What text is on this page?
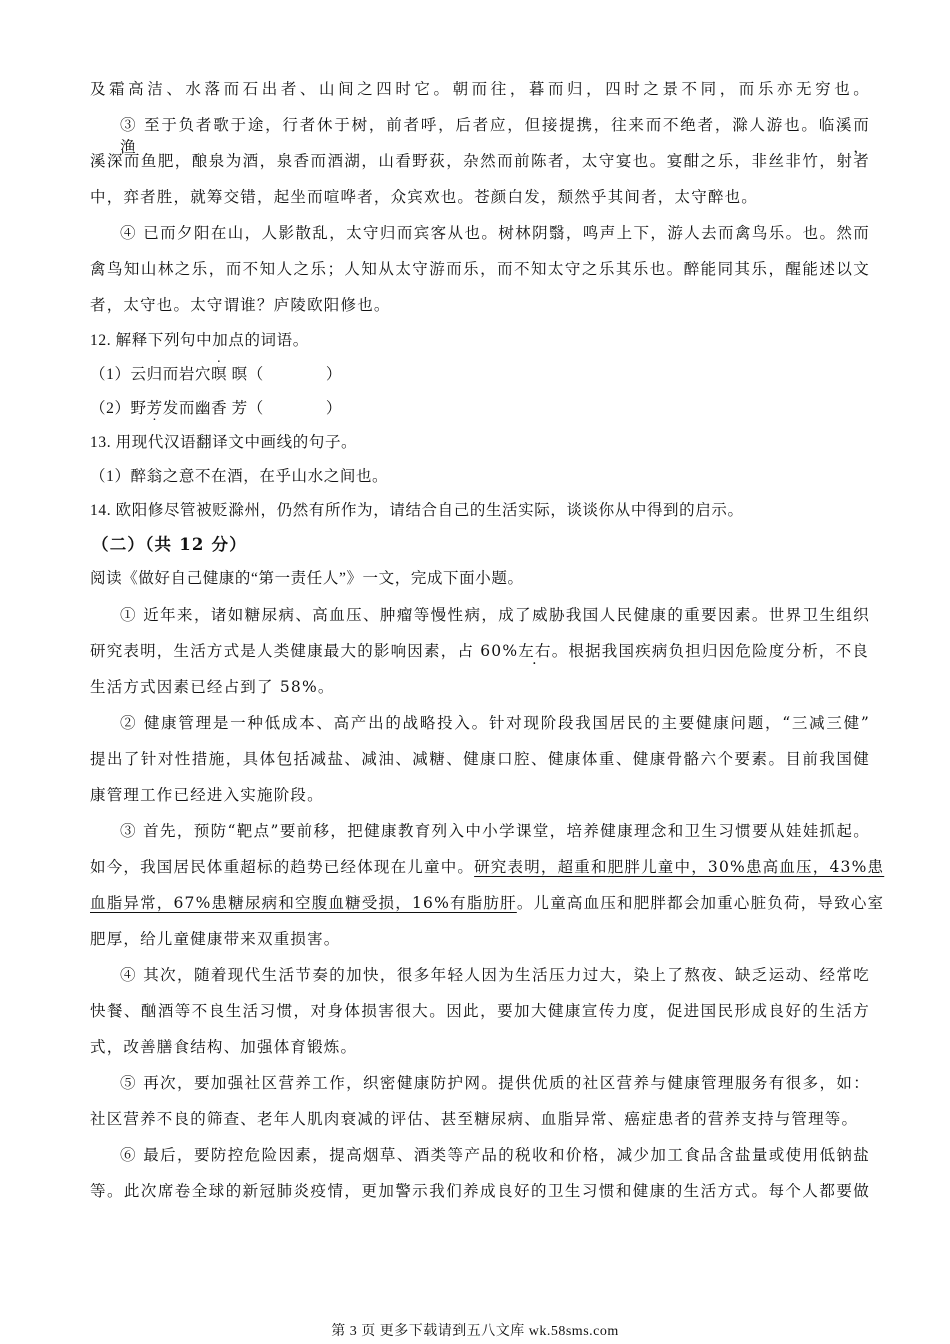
及霜高洁、水落而石出者、山间之四时它。朝而往，暮而归，四时之景不同，而乐亦无穷也。
③ 至于负者歌于途，行者休于树，前者呼，后者应，但接提携，往来而不绝者，滁人游也。临溪而渔，
溪深而鱼肥，酿泉为酒，泉香而酒湖，山看野荻，杂然而前陈者，太守宴也。宴酣之乐，非丝非竹，射者
中，弈者胜，就筹交错，起坐而喧哗者，众宾欢也。苍颜白发，颓然乎其间者，太守醉也。
④ 已而夕阳在山，人影散乱，太守归而宾客从也。树林阴翳，鸣声上下，游人去而禽鸟乐。也。然而
禽鸟知山林之乐，而不知人之乐；人知从太守游而乐，而不知太守之乐其乐也。醉能同其乐，醒能述以文
者，太守也。太守谓谁？庐陵欧阳修也。
12. 解释下列句中加点的词语。
（1）云归而岩穴暝 暝（	）
（2）野芳发而幽香 芳（	）
13. 用现代汉语翻译文中画线的句子。
（1）醉翁之意不在酒，在乎山水之间也。
14. 欧阳修尽管被贬滁州，仍然有所作为，请结合自己的生活实际，谈谈你从中得到的启示。
（二）（共 12 分）
阅读《做好自己健康的“第一责任人”》一文，完成下面小题。
① 近年来，诸如糖尿病、高血压、肿瘤等慢性病，成了威胁我国人民健康的重要因素。世界卫生组织
研究表明，生活方式是人类健康最大的影响因素，占 60%左右。根据我国疾病负担归因危险度分析，不良
生活方式因素已经占到了 58%。
② 健康管理是一种低成本、高产出的战略投入。针对现阶段我国居民的主要健康问题，“三减三健”
提出了针对性措施，具体包括减盐、减油、减糖、健康口腔、健康体重、健康骨骼六个要素。目前我国健
康管理工作已经进入实施阶段。
③ 首先，预防“靶点”要前移，把健康教育列入中小学课堂，培养健康理念和卫生习惯要从娃娃抓起。
如今，我国居民体重超标的趋势已经体现在儿童中。研究表明，超重和肥胖儿童中，30%患高血压，43%患
血脂异常，67%患糖尿病和空腹血糖受损，16%有脂肪肝。儿童高血压和肥胖都会加重心脏负荷，导致心室
肥厚，给儿童健康带来双重损害。
④ 其次，随着现代生活节奏的加快，很多年轻人因为生活压力过大，染上了熬夜、缺乏运动、经常吃
快餐、酗酒等不良生活习惯，对身体损害很大。因此，要加大健康宣传力度，促进国民形成良好的生活方
式，改善膳食结构、加强体育锻炼。
⑤ 再次，要加强社区营养工作，织密健康防护网。提供优质的社区营养与健康管理服务有很多，如：
社区营养不良的筛查、老年人肌肉衰减的评估、甚至糖尿病、血脂异常、癌症患者的营养支持与管理等。
⑥ 最后，要防控危险因素，提高烟草、酒类等产品的税收和价格，减少加工食品含盐量或使用低钠盐
等。此次席卷全球的新冠肺炎疫情，更加警示我们养成良好的卫生习惯和健康的生活方式。每个人都要做
第 3 页 更多下载请到五八文库 wk.58sms.com
